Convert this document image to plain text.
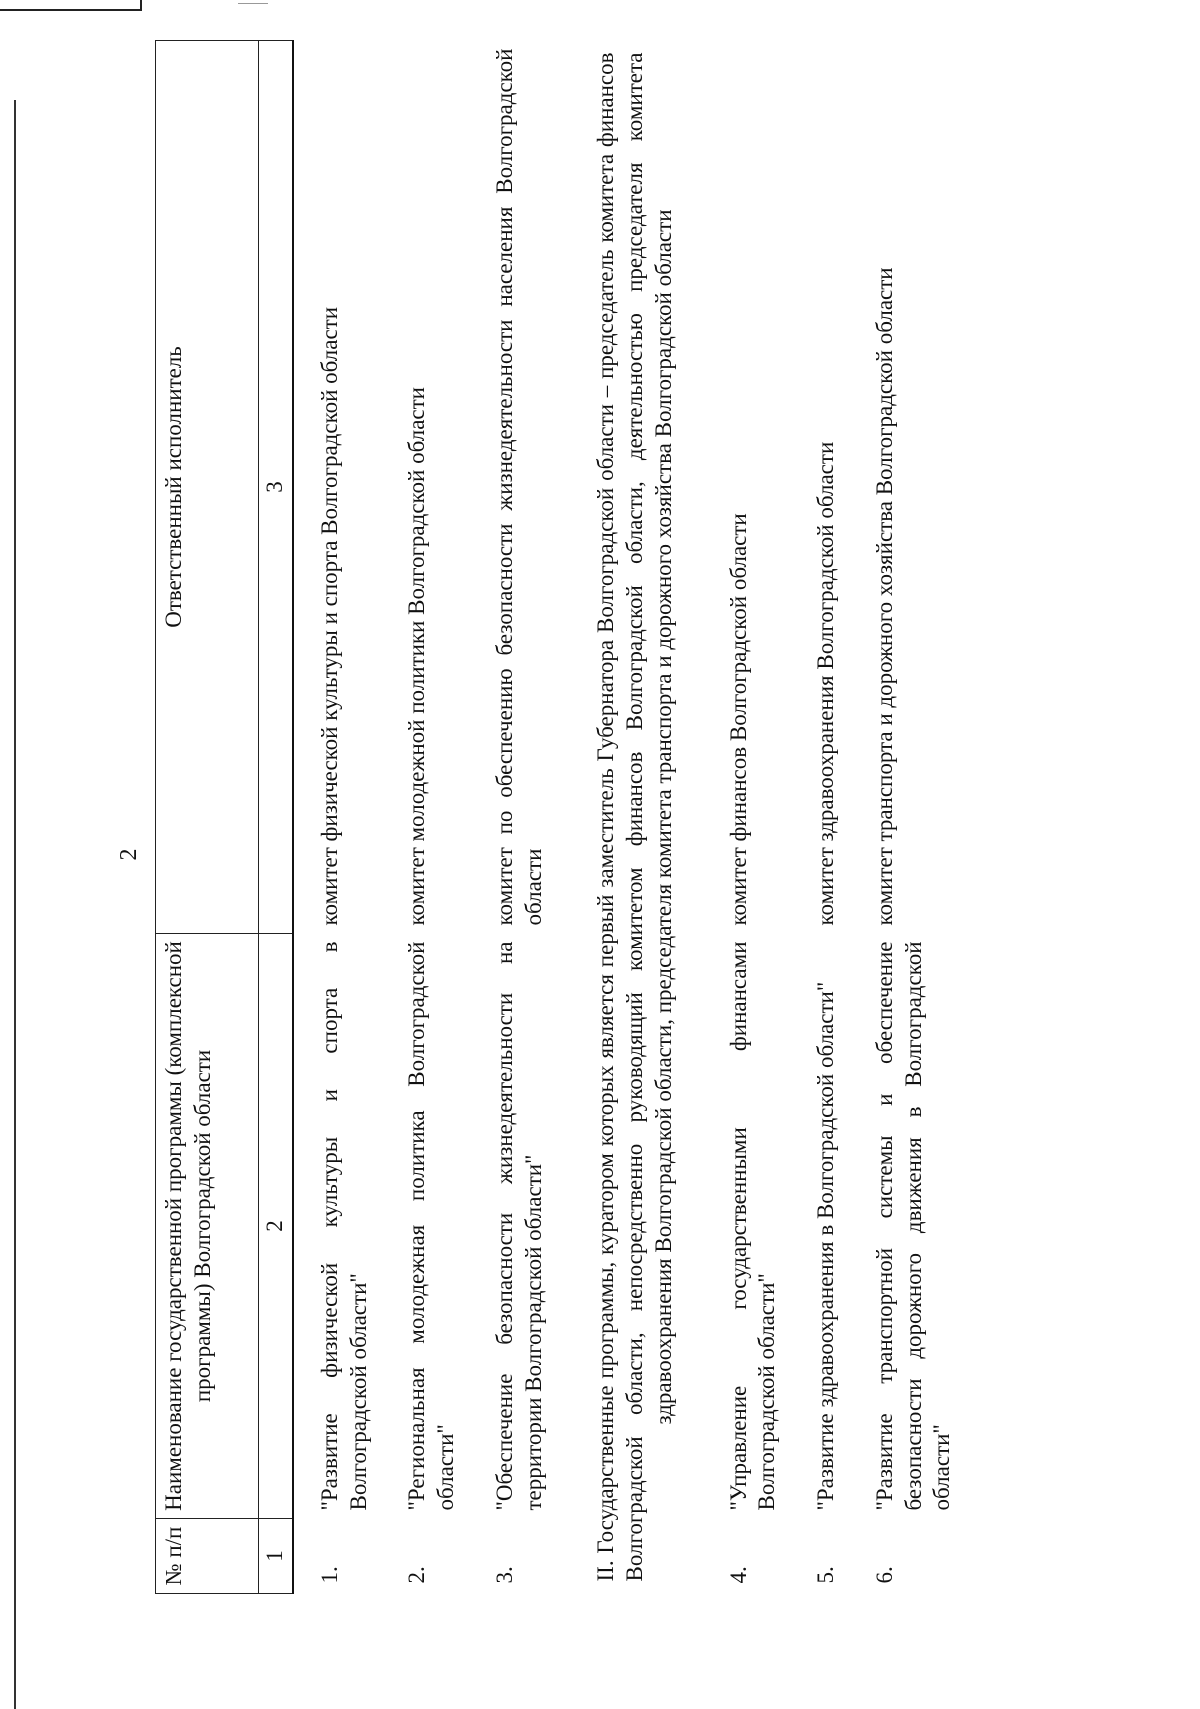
2
№ п/п	Наименование государственной программы (комплексной программы) Волгоградской области	Ответственный исполнитель
1	2	3
1.	"Развитие физической культуры и спорта в Волгоградской области"	комитет физической культуры и спорта Волгоградской области
2.	"Региональная молодежная политика Волгоградской области"	комитет молодежной политики Волгоградской области
3.	"Обеспечение безопасности жизнедеятельности на территории Волгоградской области"	комитет по обеспечению безопасности жизнедеятельности населения Волгоградской области

II. Государственные программы, куратором которых является первый заместитель Губернатора Волгоградской области – председатель комитета финансов Волгоградской области, непосредственно руководящий комитетом финансов Волгоградской области, деятельностью председателя комитета здравоохранения Волгоградской области, председателя комитета транспорта и дорожного хозяйства Волгоградской области		

4.	"Управление государственными финансами Волгоградской области"	комитет финансов Волгоградской области
5.	"Развитие здравоохранения в Волгоградской области"	комитет здравоохранения Волгоградской области
6.	"Развитие транспортной системы и обеспечение безопасности дорожного движения в Волгоградской области"	комитет транспорта и дорожного хозяйства Волгоградской области
